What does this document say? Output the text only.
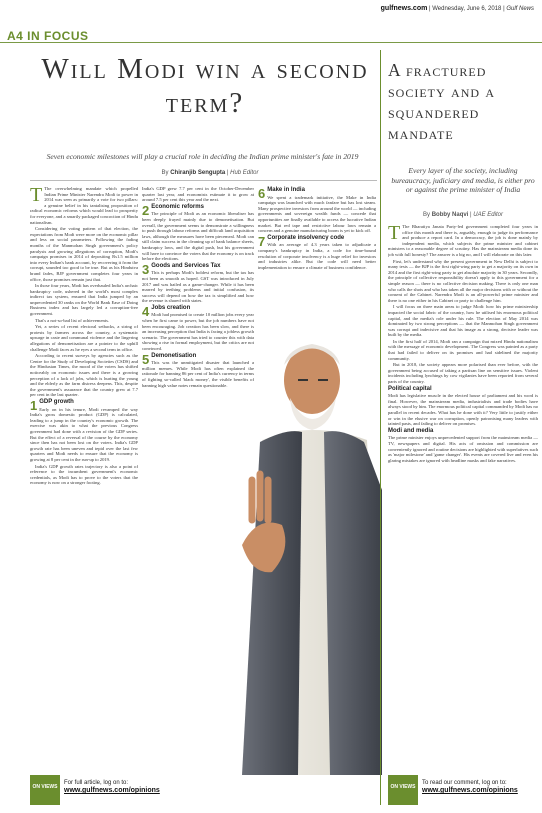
gulfnews.com | Wednesday, June 6, 2018 | Gulf News
A4 IN FOCUS
Will Modi win a second term?
Seven economic milestones will play a crucial role in deciding the Indian prime minister's fate in 2019
By Chiranjib Sengupta | Hub Editor

T The overwhelming mandate which propelled Indian Prime Minister Narendra Modi to power in 2014 was seen as primarily a vote for two pillars: a genuine belief in his tantalising proposition of radical economic reforms which would lead to prosperity for everyone, and a smartly packaged concoction of Hindu nationalism.

Considering the voting pattern of that election, the expectations from Modi were more on the economic pillar and less on social parameters. Following the fading months of the Manmohan Singh government's policy paralysis and growing allegations of corruption, Modi's campaign promises in 2014 of depositing Rs1.5 million into every Indian's bank account, by recovering it from the corrupt, sounded too good to be true. But as his Hindutva brand fades, BJP government completes four years in office, those promises remain just that.

In those four years, Modi has overhauled India's archaic bankruptcy code, ushered in the world's most complex indirect tax system, ensured that India jumped by an unprecedented 30 ranks on the World Bank Ease of Doing Business index and has largely led a corruption-free government.

That's a not-so-bad list of achievements.

Yet, a series of recent electoral setbacks, a string of protests by farmers across the country, a systematic upsurge in caste and communal violence and the lingering allegations of demonetisation are a pointer to the uphill challenge Modi faces as he eyes a second term in office.

According to recent surveys by agencies such as the Centre for the Study of Developing Societies (CSDS) and the Hindustan Times, the mood of the voters has shifted noticeably on economic issues and there is a growing perception of a lack of jobs, which is hurting the young and the elderly as the farm distress deepens. This, despite the government's assurance that the country grew at 7.7 per cent in the last quarter.

1 GDP growth

Early on in his tenure, Modi revamped the way India's gross domestic product (GDP) is calculated, leading to a jump in the country's economic growth. The exercise was akin to what the previous Congress government had done with a revision of the GDP series. But the effect of a reversal of the course by the economy since then has not been lost on the voters. India's GDP growth rate has been uneven and tepid over the last few quarters and Modi needs to ensure that the economy is growing at 8 per cent in the run-up to 2019.

India's GDP growth rates trajectory is also a point of reference to the incumbent government's economic credentials, as Modi has to prove to the voters that the economy is now on a stronger footing.

India's GDP grew 7.7 per cent in the October-December quarter last year, and economists estimate it to grow at around 7.5 per cent this year and the next.

2 Economic reforms

The principle of Modi as an economic liberaliser has been deeply frayed mainly due to demonetisation. But overall, the government seems to demonstrate a willingness to push through labour reforms and difficult land acquisition laws, although the measures have been piecemeal. Modi can still claim success in the cleaning up of bank balance sheets, bankruptcy laws, and the digital push, but his government will have to convince the voters that the economy is on track before the elections.

3 Goods and Services Tax

This is perhaps Modi's boldest reform, but the tax has not been as smooth as hoped. GST was introduced in July 2017 and was hailed as a game-changer. While it has been marred by teething problems and initial confusion, its success will depend on how the tax is simplified and how the revenue is shared with states.

4 Jobs creation

Modi had promised to create 10 million jobs every year when he first came to power, but the job numbers have not been encouraging. Job creation has been slow, and there is an increasing perception that India is facing a jobless growth scenario. The government has tried to counter this with data showing a rise in formal employment, but the critics are not convinced.

5 Demonetisation

This was the unmitigated disaster that launched a million memes. While Modi has often explained the rationale for banning 86 per cent of India's currency in terms of fighting so-called 'black money', the visible benefits of banning high value notes remain questionable.

6 Make in India

We spent a trademark initiative, the Make in India campaign was launched with much fanfare but has lost steam. Many prospective investors from around the world — including governments and sovereign wealth funds — concede that opportunities are finally available to access the lucrative Indian market. But red tape and restrictive labour laws remain a concern and a genuine manufacturing boom is yet to kick off.

7 Corporate insolvency code

With an average of 4.3 years taken to adjudicate a company's bankruptcy in India, a code for time-bound resolution of corporate insolvency is a huge relief for investors and industries alike. But the code will need better implementation to ensure a climate of business confidence.

ON VIEWS
For full article, log on to:
www.gulfnews.com/opinions
A fractured society and a squandered mandate
Every layer of the society, including bureaucracy, judiciary and media, is either pro or against the prime minister of India
By Bobby Naqvi | UAE Editor

T The Bharatiya Janata Party-led government completed four years in office this month and there is, arguably, enough to judge its performance and produce a report card. In a democracy, the job is done mainly by independent media, which subjects the prime minister and cabinet ministers to a reasonable degree of scrutiny. Has the mainstream media done its job with full honesty? The answer is a big no, and I will elaborate on this later.

First, let's understand why the present government in New Delhi is subject to many tests — the BJP is the first right-wing party to get a majority on its own in 2014 and the first right-wing party to get absolute majority in 30 years. Secondly, the principle of collective responsibility doesn't apply to this government for a simple reason — there is no collective decision making. There is only one man who calls the shots and who has taken all the major decisions with or without the consent of the Cabinet. Narendra Modi is an all-powerful prime minister and there is no one either in his Cabinet or party to challenge him.

I will focus on three main areas to judge Modi: how his prime ministership impacted the social fabric of the country, how he utilised his enormous political capital, and the media's role under his rule. The election of May 2014 was dominated by two strong perceptions — that the Manmohan Singh government was corrupt and indecisive and that his image as a strong, decisive leader was built by the media.

In the first half of 2014, Modi ran a campaign that mixed Hindu nationalism with the message of economic development. The Congress was painted as a party that had failed to deliver on its promises and had sidelined the majority community.

But in 2018, the society appears more polarised than ever before, with the government being accused of taking a partisan line on sensitive issues. Violent incidents including lynchings by cow vigilantes have been reported from several parts of the country.

Political capital

Modi has legislative muscle in the elected house of parliament and his word is final. However, the mainstream media, industrialists and trade bodies have always stood by him. The enormous political capital commanded by Modi has no parallel in recent decades. What has he done with it? Very little to justify either or win in the elusive war on corruption, openly patronising many leaders with tainted pasts, and failing to deliver on promises.

Modi and media

The prime minister enjoys unprecedented support from the mainstream media — TV, newspapers and digital. His acts of omission and commission are conveniently ignored and routine decisions are highlighted with superlatives such as 'major milestone' and 'game changer'. His events are covered live and even his glaring mistakes are ignored with headline masks and fake narratives.

ON VIEWS
To read our comment, log on to:
www.gulfnews.com/opinions
